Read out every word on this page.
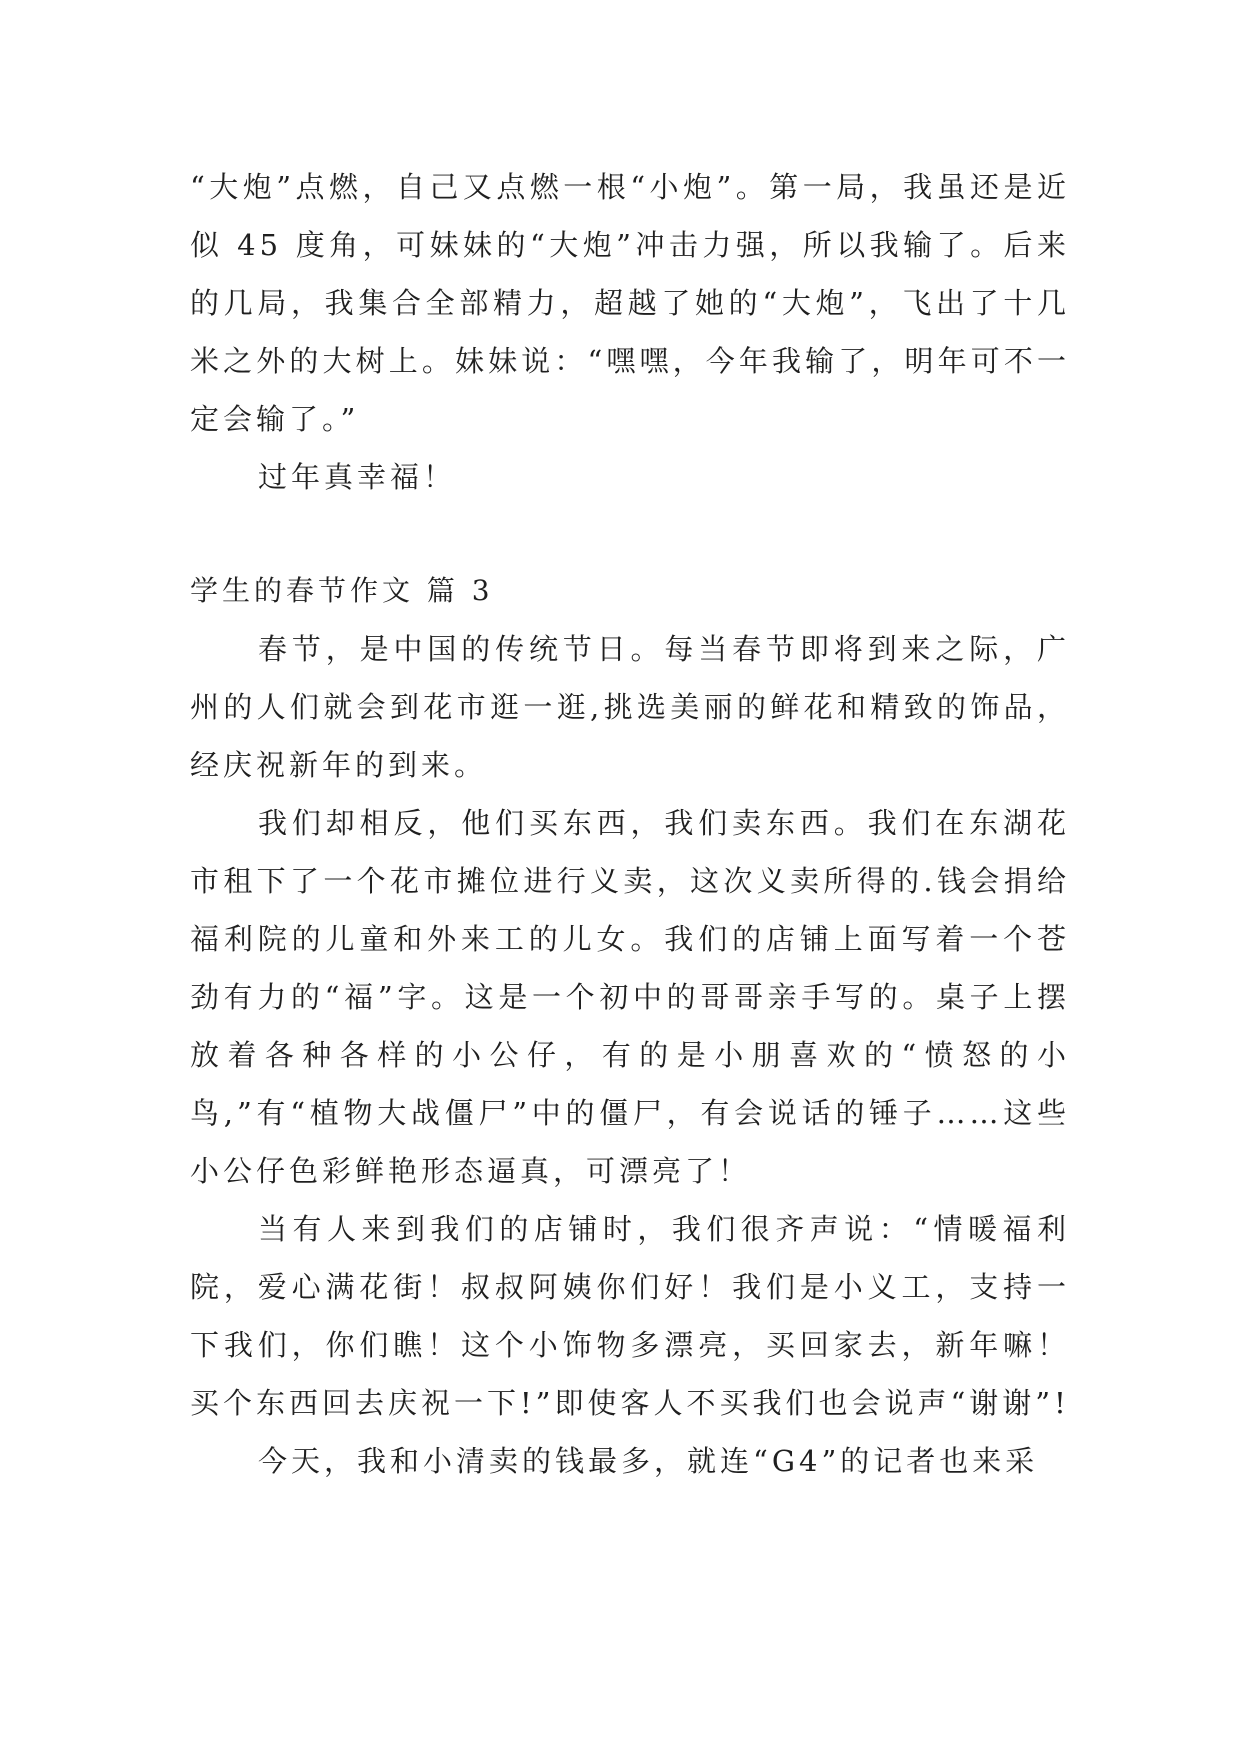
“大炮”点燃，自己又点燃一根“小炮”。第一局，我虽还是近似 45 度角，可妹妹的“大炮”冲击力强，所以我输了。后来的几局，我集合全部精力，超越了她的“大炮”，飞出了十几米之外的大树上。妹妹说：“嘿嘿，今年我输了，明年可不一定会输了。”

过年真幸福！

学生的春节作文 篇 3

春节，是中国的传统节日。每当春节即将到来之际，广州的人们就会到花市逛一逛,挑选美丽的鲜花和精致的饰品，经庆祝新年的到来。

我们却相反，他们买东西，我们卖东西。我们在东湖花市租下了一个花市摊位进行义卖，这次义卖所得的.钱会捐给福利院的儿童和外来工的儿女。我们的店铺上面写着一个苍劲有力的“福”字。这是一个初中的哥哥亲手写的。桌子上摆放着各种各样的小公仔，有的是小朋喜欢的“愤怒的小鸟,”有“植物大战僵尸”中的僵尸，有会说话的锤子……这些小公仔色彩鲜艳形态逼真，可漂亮了！

当有人来到我们的店铺时，我们很齐声说：“情暖福利院，爱心满花街！叔叔阿姨你们好！我们是小义工，支持一下我们，你们瞧！这个小饰物多漂亮，买回家去，新年嘛！买个东西回去庆祝一下!”即使客人不买我们也会说声“谢谢”!

今天，我和小清卖的钱最多，就连“G4”的记者也来采
